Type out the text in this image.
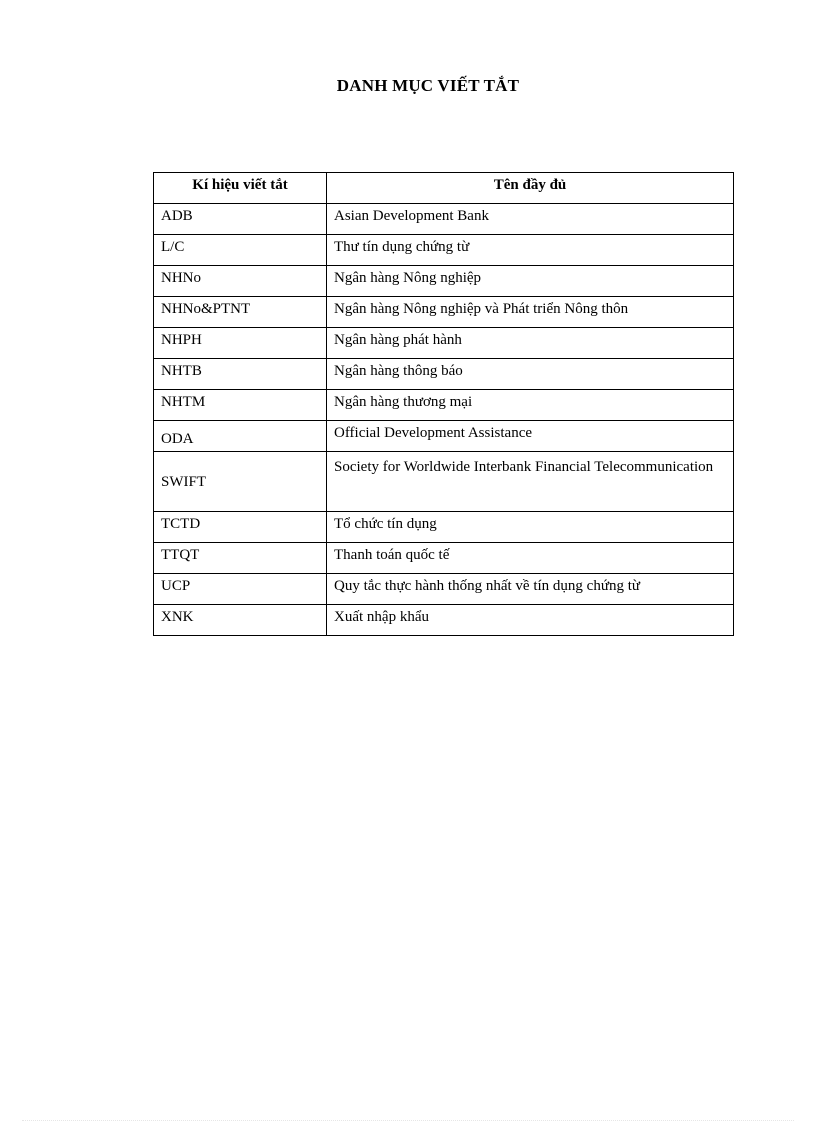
DANH MỤC VIẾT TẮT
Kí hiệu viết tắt	Tên đầy đủ
ADB	Asian Development Bank
L/C	Thư tín dụng chứng từ
NHNo	Ngân hàng Nông nghiệp
NHNo&PTNT	Ngân hàng Nông nghiệp và Phát triển Nông thôn
NHPH	Ngân hàng phát hành
NHTB	Ngân hàng thông báo
NHTM	Ngân hàng thương mại
ODA	Official Development Assistance
SWIFT	Society for Worldwide Interbank Financial Telecommunication
TCTD	Tổ chức tín dụng
TTQT	Thanh toán quốc tế
UCP	Quy tắc thực hành thống nhất về tín dụng chứng từ
XNK	Xuất nhập khẩu
